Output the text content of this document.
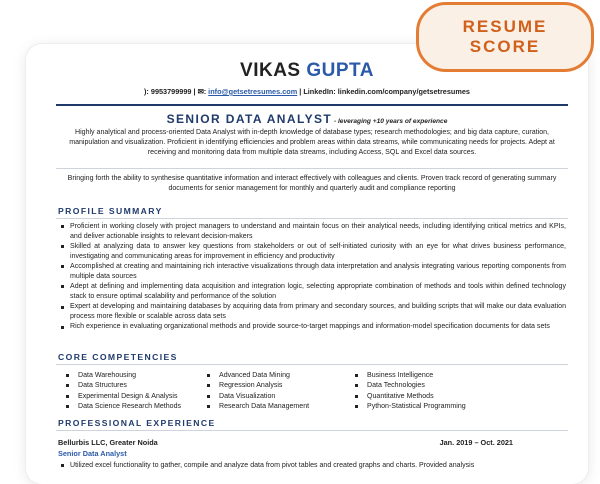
RESUME
SCORE
VIKAS GUPTA
): 9953799999 | ✉: info@getsetresumes.com | LinkedIn: linkedin.com/company/getsetresumes
SENIOR DATA ANALYST - leveraging +10 years of experience
Highly analytical and process-oriented Data Analyst with in-depth knowledge of database types; research methodologies; and big data capture, curation, manipulation and visualization. Proficient in identifying efficiencies and problem areas within data streams, while communicating needs for projects. Adept at receiving and monitoring data from multiple data streams, including Access, SQL and Excel data sources.
Bringing forth the ability to synthesise quantitative information and interact effectively with colleagues and clients. Proven track record of generating summary documents for senior management for monthly and quarterly audit and compliance reporting
PROFILE SUMMARY
Proficient in working closely with project managers to understand and maintain focus on their analytical needs, including identifying critical metrics and KPIs, and deliver actionable insights to relevant decision-makers
Skilled at analyzing data to answer key questions from stakeholders or out of self-initiated curiosity with an eye for what drives business performance, investigating and communicating areas for improvement in efficiency and productivity
Accomplished at creating and maintaining rich interactive visualizations through data interpretation and analysis integrating various reporting components from multiple data sources
Adept at defining and implementing data acquisition and integration logic, selecting appropriate combination of methods and tools within defined technology stack to ensure optimal scalability and performance of the solution
Expert at developing and maintaining databases by acquiring data from primary and secondary sources, and building scripts that will make our data evaluation process more flexible or scalable across data sets
Rich experience in evaluating organizational methods and provide source-to-target mappings and information-model specification documents for data sets
CORE COMPETENCIES
Data Warehousing
Data Structures
Experimental Design & Analysis
Data Science Research Methods
Advanced Data Mining
Regression Analysis
Data Visualization
Research Data Management
Business Intelligence
Data Technologies
Quantitative Methods
Python-Statistical Programming
PROFESSIONAL EXPERIENCE
Bellurbis LLC, Greater Noida	Jan. 2019 – Oct. 2021
Senior Data Analyst
Utilized excel functionality to gather, compile and analyze data from pivot tables and created graphs and charts. Provided analysis
